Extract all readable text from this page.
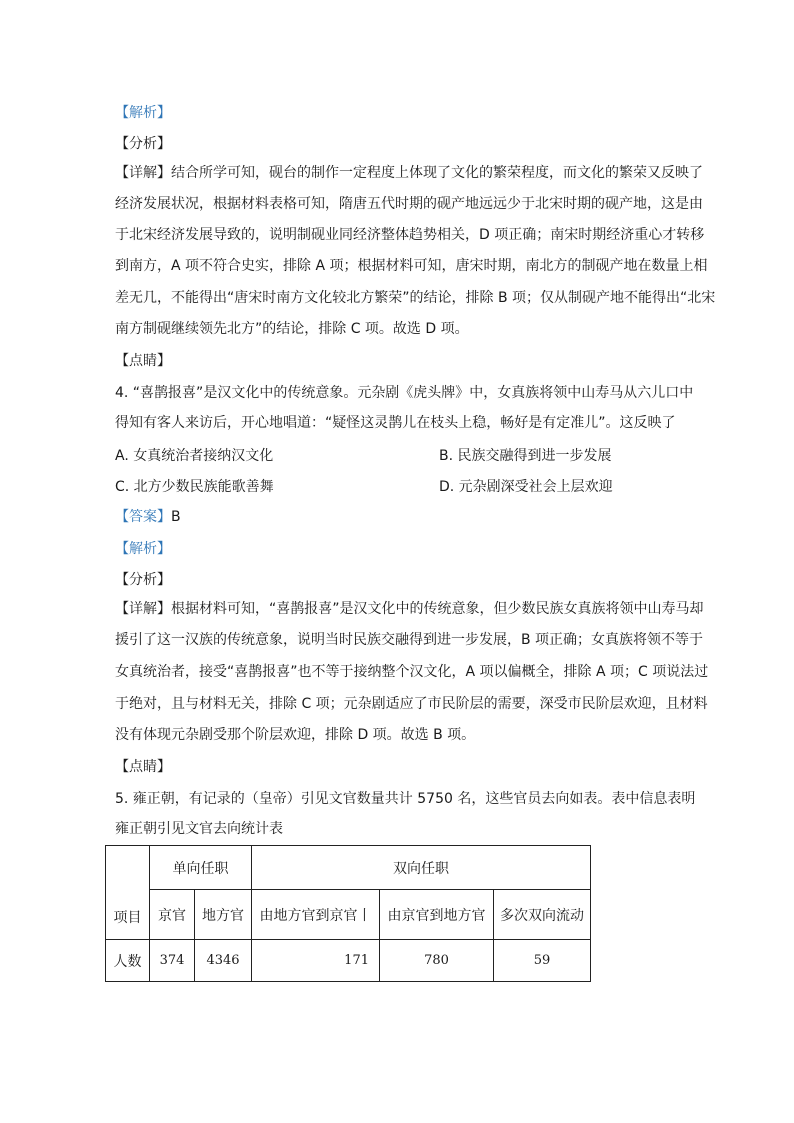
【解析】
【分析】
【详解】结合所学可知，砚台的制作一定程度上体现了文化的繁荣程度，而文化的繁荣又反映了
经济发展状况，根据材料表格可知，隋唐五代时期的砚产地远远少于北宋时期的砚产地，这是由
于北宋经济发展导致的，说明制砚业同经济整体趋势相关，D 项正确；南宋时期经济重心才转移
到南方，A 项不符合史实，排除 A 项；根据材料可知，唐宋时期，南北方的制砚产地在数量上相
差无几，不能得出“唐宋时南方文化较北方繁荣”的结论，排除 B 项；仅从制砚产地不能得出“北宋
南方制砚继续领先北方”的结论，排除 C 项。故选 D 项。
【点睛】
4. “喜鹊报喜”是汉文化中的传统意象。元杂剧《虎头牌》中，女真族将领中山寿马从六儿口中
得知有客人来访后，开心地唱道：“疑怪这灵鹊儿在枝头上稳，畅好是有定准儿”。这反映了
A. 女真统治者接纳汉文化	B. 民族交融得到进一步发展
C. 北方少数民族能歌善舞	D. 元杂剧深受社会上层欢迎
【答案】B
【解析】
【分析】
【详解】根据材料可知，“喜鹊报喜”是汉文化中的传统意象，但少数民族女真族将领中山寿马却
援引了这一汉族的传统意象，说明当时民族交融得到进一步发展，B 项正确；女真族将领不等于
女真统治者，接受“喜鹊报喜”也不等于接纳整个汉文化，A 项以偏概全，排除 A 项；C 项说法过
于绝对，且与材料无关，排除 C 项；元杂剧适应了市民阶层的需要，深受市民阶层欢迎，且材料
没有体现元杂剧受那个阶层欢迎，排除 D 项。故选 B 项。
【点睛】
5. 雍正朝，有记录的（皇帝）引见文官数量共计 5750 名，这些官员去向如表。表中信息表明
雍正朝引见文官去向统计表
项目	单向任职		双向任职		
	京官	地方官	由地方官到京官丨	由京官到地方官	多次双向流动
人数	374	4346	171	780	59
